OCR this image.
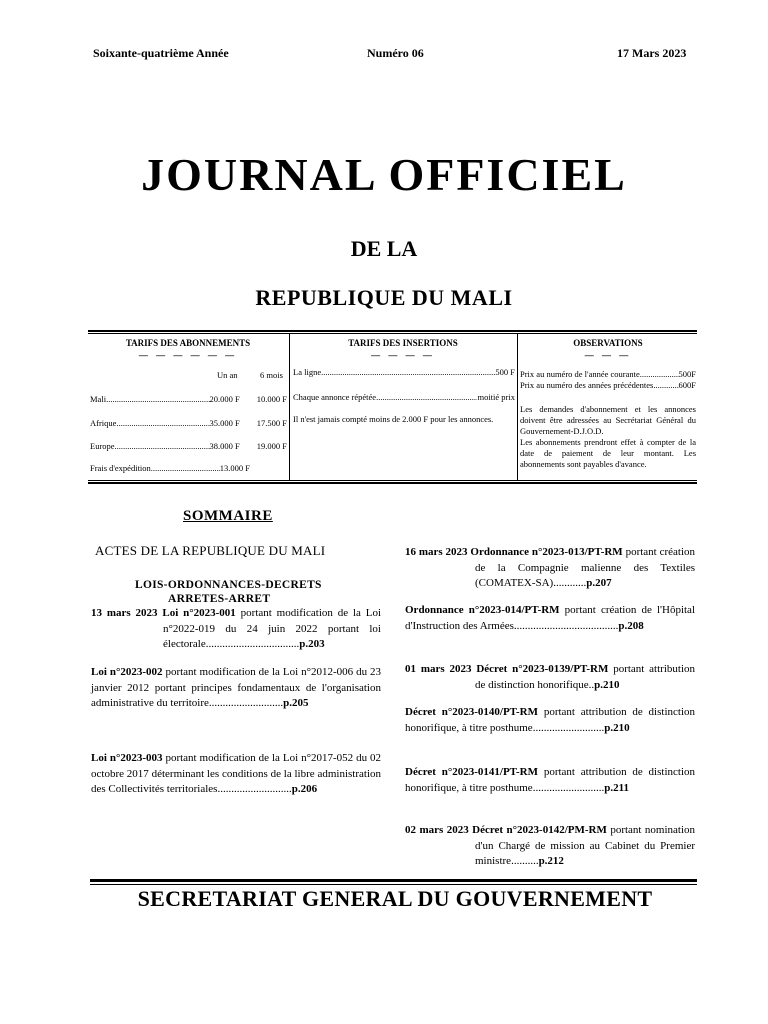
Soixante-quatrième Année	Numéro 06	17 Mars 2023
JOURNAL OFFICIEL
DE LA
REPUBLIQUE DU MALI
TARIFS DES ABONNEMENTS
— — — — — —
Un an	6 mois
Mali .....	20.000 F 10.000 F
Afrique .....	35.000 F 17.500 F
Europe .....	38.000 F 19.000 F
Frais d'expédition .....	13.000 F
TARIFS DES INSERTIONS
— — — —
La ligne .....	500 F
Chaque annonce répétée .....	moitié prix
Il n'est jamais compté moins de 2.000 F pour les annonces.
OBSERVATIONS
— — —
Prix au numéro de l'année courante .....	500F
Prix au numéro des années précédentes .....	600F
Les demandes d'abonnement et les annonces doivent être adressées au Secrétariat Général du Gouvernement-D.J.O.D.
Les abonnements prendront effet à compter de la date de paiement de leur montant. Les abonnements sont payables d'avance.
SOMMAIRE
ACTES DE LA REPUBLIQUE DU MALI
LOIS-ORDONNANCES-DECRETS
ARRETES-ARRET
13 mars 2023 Loi n°2023-001 portant modification de la Loi n°2022-019 du 24 juin 2022 portant loi électorale..................................p.203
Loi n°2023-002 portant modification de la Loi n°2012-006 du 23 janvier 2012 portant principes fondamentaux de l'organisation administrative du territoire...........................p.205
Loi n°2023-003 portant modification de la Loi n°2017-052 du 02 octobre 2017 déterminant les conditions de la libre administration des Collectivités territoriales...........................p.206
16 mars 2023 Ordonnance n°2023-013/PT-RM portant création de la Compagnie malienne des Textiles (COMATEX-SA)............p.207
Ordonnance n°2023-014/PT-RM portant création de l'Hôpital d'Instruction des Armées......................................p.208
01 mars 2023 Décret n°2023-0139/PT-RM portant attribution de distinction honorifique..p.210
Décret n°2023-0140/PT-RM portant attribution de distinction honorifique, à titre posthume..........................p.210
Décret n°2023-0141/PT-RM portant attribution de distinction honorifique, à titre posthume..........................p.211
02 mars 2023 Décret n°2023-0142/PM-RM portant nomination d'un Chargé de mission au Cabinet du Premier ministre..........p.212
SECRETARIAT GENERAL DU GOUVERNEMENT
